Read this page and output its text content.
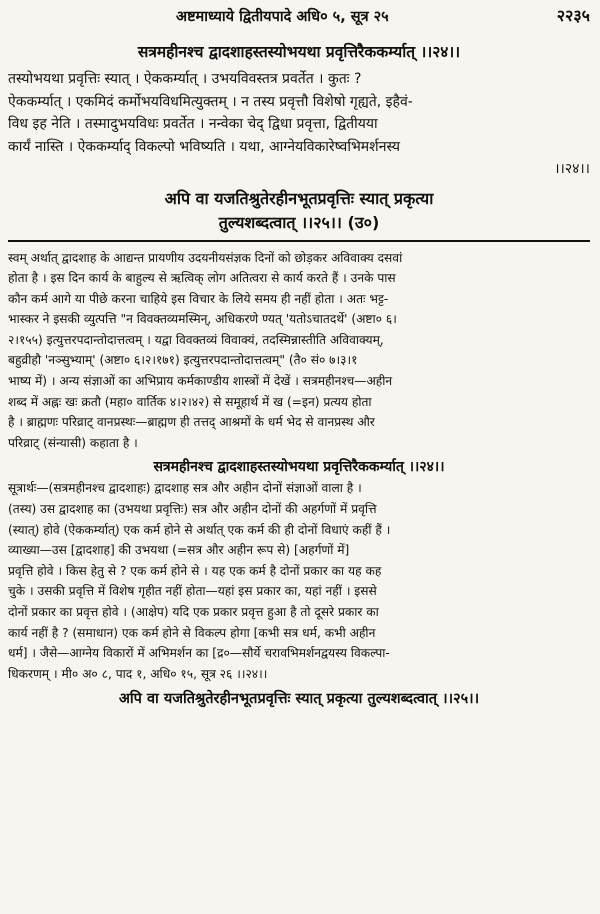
अष्टमाध्याये द्वितीयपादे अधि० ५, सूत्र २५	२२३५
सत्रमहीनश्च द्वादशाहस्तस्योभयथा प्रवृत्तिरैककर्म्यात् ।।२४।।
तस्योभयथा प्रवृत्तिः स्यात् । ऐककर्म्यात् । उभयविवस्तत्र प्रवर्तेत । कुतः ?
ऐककर्म्यात् । एकमिदं कर्मोभयविधमित्युक्तम् । न तस्य प्रवृत्तौ विशेषो गृह्यते, इहैवं-
विध इह नेति । तस्मादुभयविधः प्रवर्तेत । नन्वेका चेद् द्विधा प्रवृत्ता, द्वितीयया
कार्यं नास्ति । ऐककर्म्याद् विकल्पो भविष्यति । यथा, आग्नेयविकारेष्वभिमर्शनस्य
।।२४।।
अपि वा यजतिश्रुतेरहीनभूतप्रवृत्तिः स्यात् प्रकृत्या
तुल्यशब्दत्वात् ।।२५।। (उ०)
स्वम् अर्थात् द्वादशाह के आद्यन्त प्रायणीय उदयनीयसंज्ञक दिनों को छोड़कर अविवाक्य दसवां
होता है । इस दिन कार्य के बाहुल्य से ऋत्विक् लोग अतित्वरा से कार्य करते हैं । उनके पास
कौन कर्म आगे या पीछे करना चाहिये इस विचार के लिये समय ही नहीं होता । अतः भट्ट-
भास्कर ने इसकी व्युत्पत्ति "न विवक्तव्यमस्मिन्, अधिकरणे ण्यत् 'यतोऽचातदर्थे' (अष्टा० ६।
२।१५५) इत्युत्तरपदान्तोदात्तत्वम् । यद्वा विवक्तव्यं विवाक्यं, तदस्मिन्नास्तीति अविवाक्यम्,
बहुव्रीहौ 'नञ्सुभ्याम्' (अष्टा० ६।२।१७१) इत्युत्तरपदान्तोदात्तत्वम्" (तै० सं० ७।३।१
भाष्य में) । अन्य संज्ञाओं का अभिप्राय कर्मकाण्डीय शास्त्रों में देखें । सत्रमहीनश्च—अहीन
शब्द में अह्नः खः क्रतौ (महा० वार्तिक ४।२।४२) से समूहार्थ में ख (=इन) प्रत्यय होता
है । ब्राह्मणः परिव्राट् वानप्रस्थः—ब्राह्मण ही तत्तद् आश्रमों के धर्म भेद से वानप्रस्थ और
परिव्राट् (संन्यासी) कहाता है ।
सत्रमहीनश्च द्वादशाहस्तस्योभयथा प्रवृत्तिरैककर्म्यात् ।।२४।।
सूत्रार्थः—(सत्रमहीनश्च द्वादशाहः) द्वादशाह सत्र और अहीन दोनों संज्ञाओं वाला है ।
(तस्य) उस द्वादशाह का (उभयथा प्रवृत्तिः) सत्र और अहीन दोनों की अहर्गणों में प्रवृत्ति
(स्यात्) होवे (ऐककर्म्यात्) एक कर्म होने से अर्थात् एक कर्म की ही दोनों विधाएं कहीं हैं ।
व्याख्या—उस [द्वादशाह] की उभयथा (=सत्र और अहीन रूप से) [अहर्गणों में]
प्रवृत्ति होवे । किस हेतु से ? एक कर्म होने से । यह एक कर्म है दोनों प्रकार का यह कह
चुके । उसकी प्रवृत्ति में विशेष गृहीत नहीं होता—यहां इस प्रकार का, यहां नहीं । इससे
दोनों प्रकार का प्रवृत्त होवे । (आक्षेप) यदि एक प्रकार प्रवृत्त हुआ है तो दूसरे प्रकार का
कार्य नहीं है ? (समाधान) एक कर्म होने से विकल्प होगा [कभी सत्र धर्म, कभी अहीन
धर्म] । जैसे—आग्नेय विकारों में अभिमर्शन का [द्र०—सौर्ये चरावभिमर्शनद्वयस्य विकल्पा-
धिकरणम् । मी० अ० ८, पाद १, अधि० १५, सूत्र २६ ।।२४।।
अपि वा यजतिश्रुतेरहीनभूतप्रवृत्तिः स्यात् प्रकृत्या तुल्यशब्दत्वात् ।।२५।।
